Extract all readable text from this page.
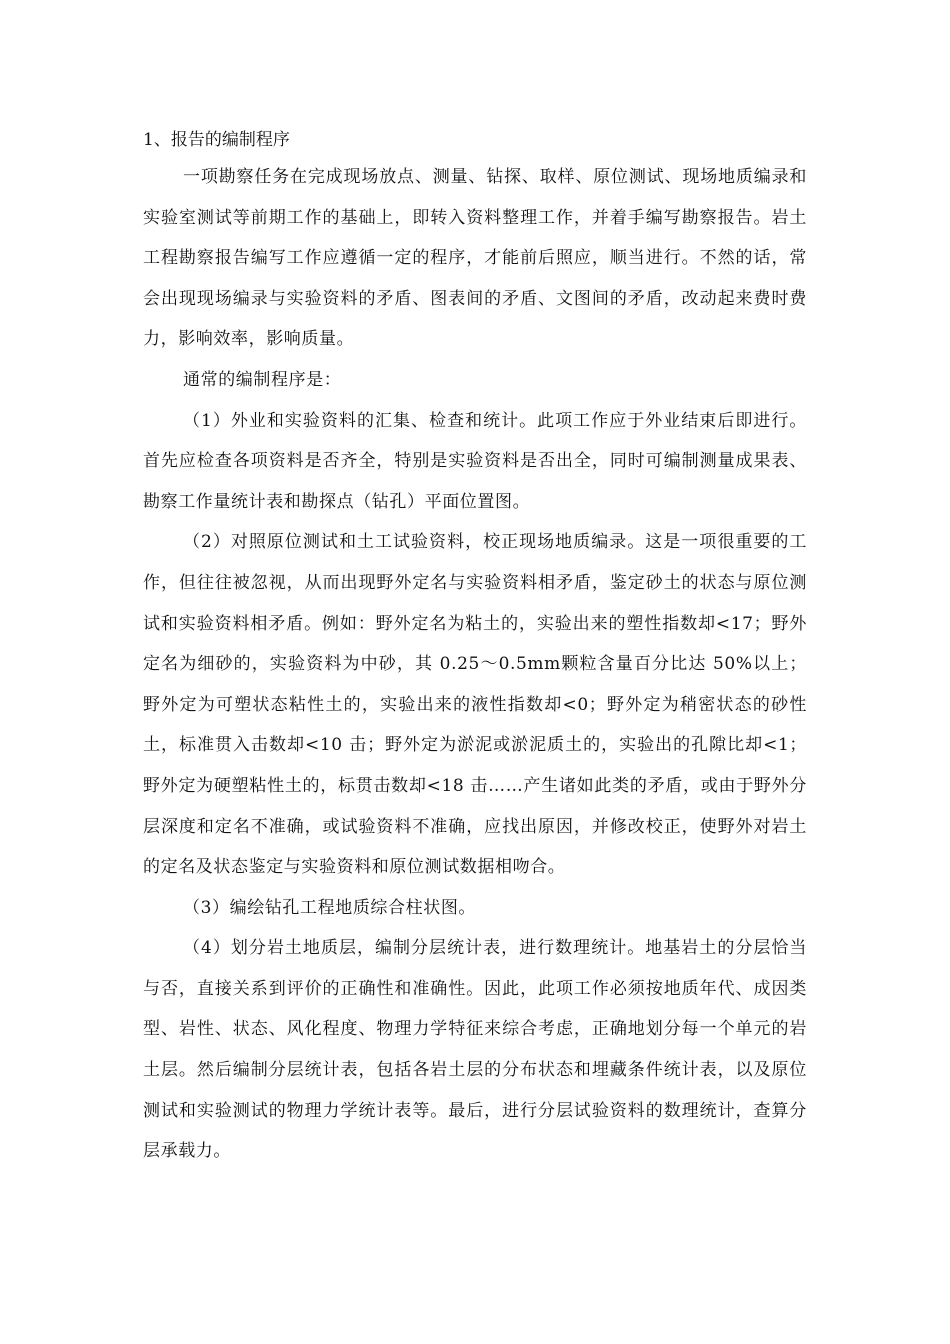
1、报告的编制程序

一项勘察任务在完成现场放点、测量、钻探、取样、原位测试、现场地质编录和实验室测试等前期工作的基础上，即转入资料整理工作，并着手编写勘察报告。岩土工程勘察报告编写工作应遵循一定的程序，才能前后照应，顺当进行。不然的话，常会出现现场编录与实验资料的矛盾、图表间的矛盾、文图间的矛盾，改动起来费时费力，影响效率，影响质量。

通常的编制程序是：

（1）外业和实验资料的汇集、检查和统计。此项工作应于外业结束后即进行。首先应检查各项资料是否齐全，特别是实验资料是否出全，同时可编制测量成果表、勘察工作量统计表和勘探点（钻孔）平面位置图。

（2）对照原位测试和土工试验资料，校正现场地质编录。这是一项很重要的工作，但往往被忽视，从而出现野外定名与实验资料相矛盾，鉴定砂土的状态与原位测试和实验资料相矛盾。例如：野外定名为粘土的，实验出来的塑性指数却<17；野外定名为细砂的，实验资料为中砂，其 0.25～0.5mm颗粒含量百分比达 50%以上；野外定为可塑状态粘性土的，实验出来的液性指数却<0；野外定为稍密状态的砂性土，标准贯入击数却<10 击；野外定为淤泥或淤泥质土的，实验出的孔隙比却<1；野外定为硬塑粘性土的，标贯击数却<18 击……产生诸如此类的矛盾，或由于野外分层深度和定名不准确，或试验资料不准确，应找出原因，并修改校正，使野外对岩土的定名及状态鉴定与实验资料和原位测试数据相吻合。

（3）编绘钻孔工程地质综合柱状图。

（4）划分岩土地质层，编制分层统计表，进行数理统计。地基岩土的分层恰当与否，直接关系到评价的正确性和准确性。因此，此项工作必须按地质年代、成因类型、岩性、状态、风化程度、物理力学特征来综合考虑，正确地划分每一个单元的岩土层。然后编制分层统计表，包括各岩土层的分布状态和埋藏条件统计表，以及原位测试和实验测试的物理力学统计表等。最后，进行分层试验资料的数理统计，查算分层承载力。
